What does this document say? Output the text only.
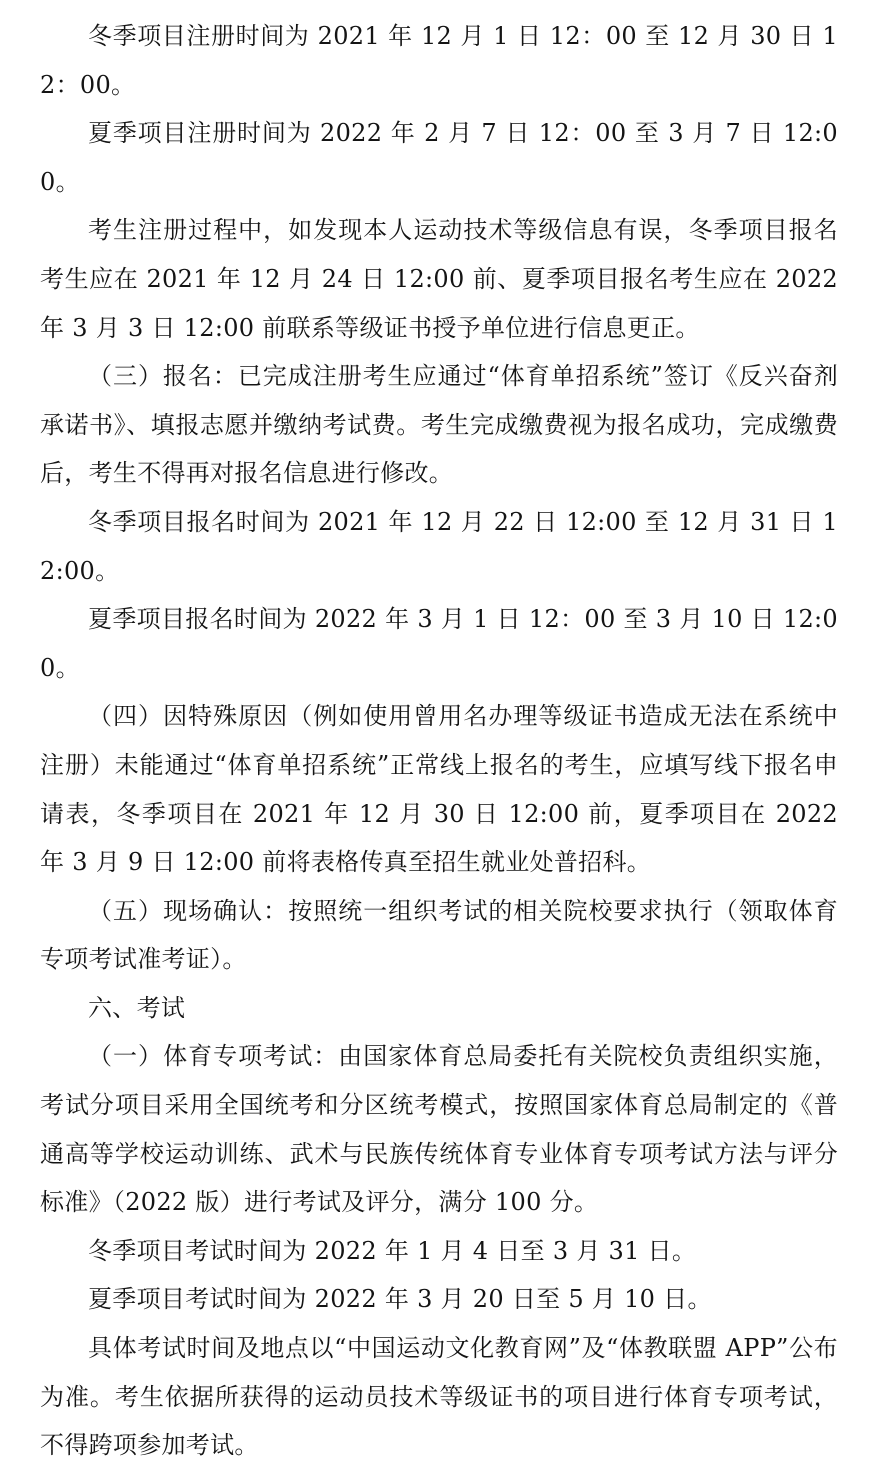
冬季项目注册时间为 2021 年 12 月 1 日 12：00 至 12 月 30 日 12：00。

夏季项目注册时间为 2022 年 2 月 7 日 12：00 至 3 月 7 日 12:00。

考生注册过程中，如发现本人运动技术等级信息有误，冬季项目报名考生应在 2021 年 12 月 24 日 12:00 前、夏季项目报名考生应在 2022 年 3 月 3 日 12:00 前联系等级证书授予单位进行信息更正。

（三）报名：已完成注册考生应通过“体育单招系统”签订《反兴奋剂承诺书》、填报志愿并缴纳考试费。考生完成缴费视为报名成功，完成缴费后，考生不得再对报名信息进行修改。

冬季项目报名时间为 2021 年 12 月 22 日 12:00 至 12 月 31 日 12:00。

夏季项目报名时间为 2022 年 3 月 1 日 12：00 至 3 月 10 日 12:00。

（四）因特殊原因（例如使用曾用名办理等级证书造成无法在系统中注册）未能通过“体育单招系统”正常线上报名的考生，应填写线下报名申请表，冬季项目在 2021 年 12 月 30 日 12:00 前，夏季项目在 2022 年 3 月 9 日 12:00 前将表格传真至招生就业处普招科。

（五）现场确认：按照统一组织考试的相关院校要求执行（领取体育专项考试准考证）。

六、考试

（一）体育专项考试：由国家体育总局委托有关院校负责组织实施，考试分项目采用全国统考和分区统考模式，按照国家体育总局制定的《普通高等学校运动训练、武术与民族传统体育专业体育专项考试方法与评分标准》（2022 版）进行考试及评分，满分 100 分。

冬季项目考试时间为 2022 年 1 月 4 日至 3 月 31 日。

夏季项目考试时间为 2022 年 3 月 20 日至 5 月 10 日。

具体考试时间及地点以“中国运动文化教育网”及“体教联盟 APP”公布为准。考生依据所获得的运动员技术等级证书的项目进行体育专项考试，不得跨项参加考试。
